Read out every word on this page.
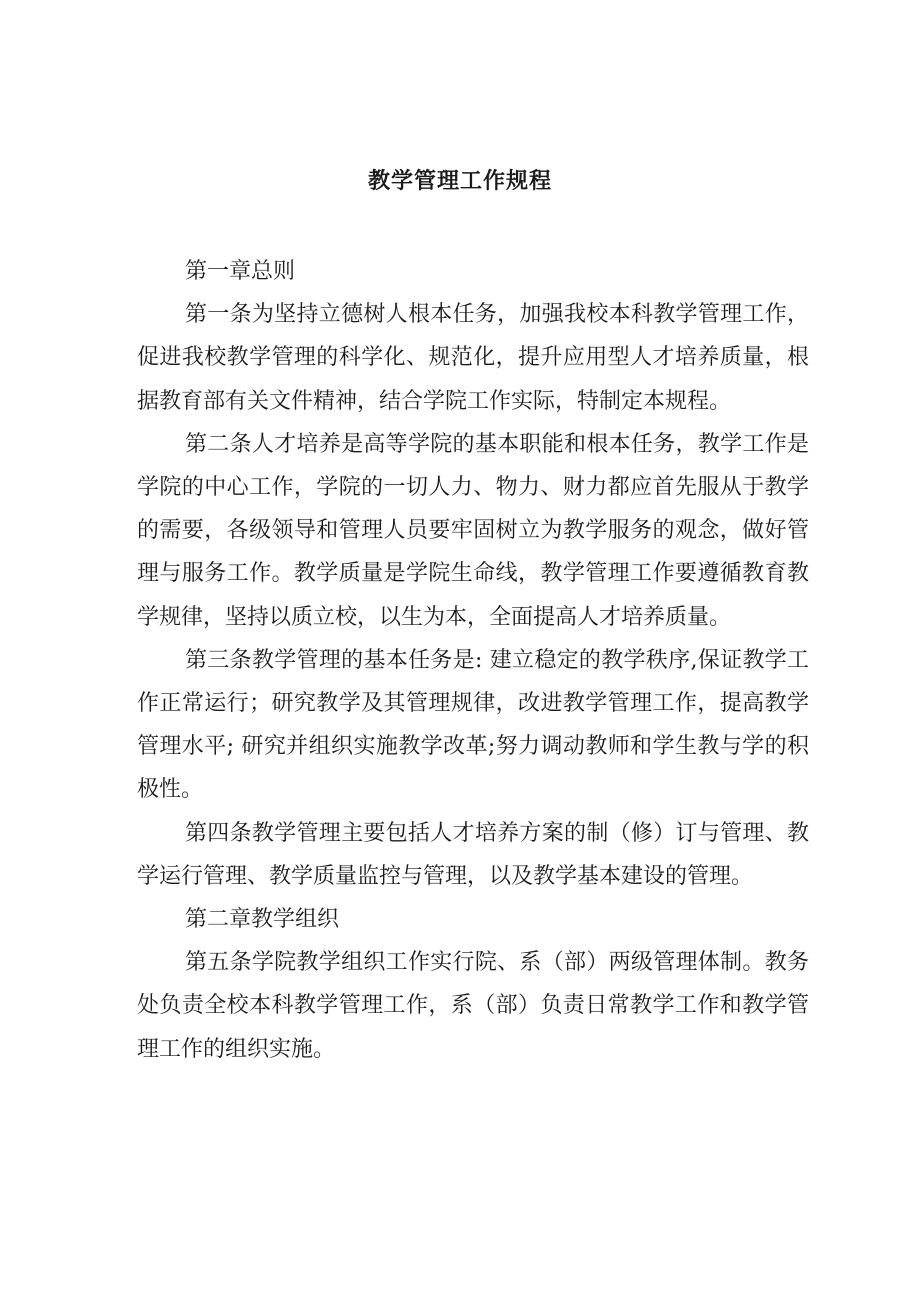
教学管理工作规程

第一章总则

第一条为坚持立德树人根本任务，加强我校本科教学管理工作，促进我校教学管理的科学化、规范化，提升应用型人才培养质量，根据教育部有关文件精神，结合学院工作实际，特制定本规程。

第二条人才培养是高等学院的基本职能和根本任务，教学工作是学院的中心工作，学院的一切人力、物力、财力都应首先服从于教学的需要，各级领导和管理人员要牢固树立为教学服务的观念，做好管理与服务工作。教学质量是学院生命线，教学管理工作要遵循教育教学规律，坚持以质立校，以生为本，全面提高人才培养质量。

第三条教学管理的基本任务是: 建立稳定的教学秩序,保证教学工作正常运行；研究教学及其管理规律，改进教学管理工作，提高教学管理水平; 研究并组织实施教学改革;努力调动教师和学生教与学的积极性。

第四条教学管理主要包括人才培养方案的制（修）订与管理、教学运行管理、教学质量监控与管理，以及教学基本建设的管理。

第二章教学组织

第五条学院教学组织工作实行院、系（部）两级管理体制。教务处负责全校本科教学管理工作，系（部）负责日常教学工作和教学管理工作的组织实施。
